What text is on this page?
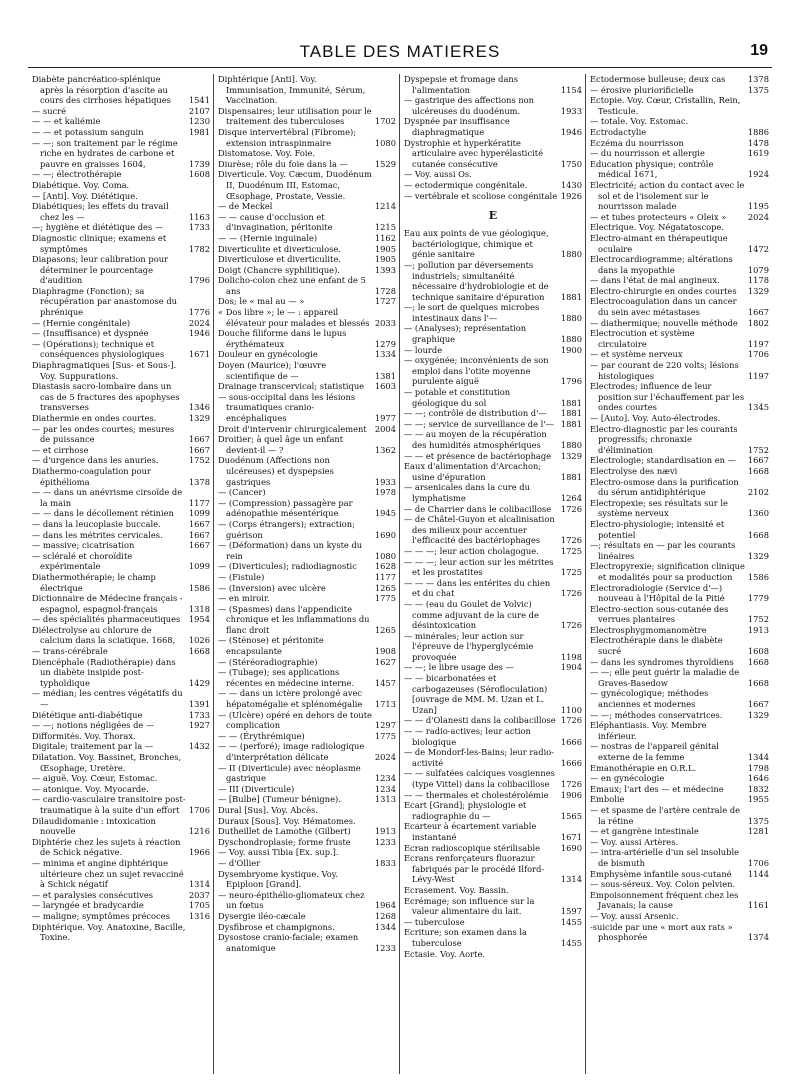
TABLE DES MATIERES	19
Diabète pancréatico-splénique après la résorption d'ascite au cours des cirrhoses hépatiques	1541
— sucré	2107
— — et kaliémie	1230
— — et potassium sanguin	1981
— —; son traitement par le régime riche en hydrates de carbone et pauvre en graisses 1604,	1739
— —; électrothérapie	1608
Diabétique. Voy. Coma.
— [Anti]. Voy. Diététique.
Diabétiques; les effets du travail chez les —	1163
—; hygiène et diététique des —	1733
Diagnostic clinique; examens et symptômes	1782
Diapasons; leur calibration pour déterminer le pourcentage d'audition	1796
Diaphragme (Fonction); sa récupération par anastomose du phrénique	1776
— (Hernie congénitale)	2024
— (Insuffisance) et dyspnée	1946
— (Opérations); technique et conséquences physiologiques	1671
Diaphragmatiques [Sus- et Sous-]. Voy. Suppurations.
Diastasis sacro-lombaire dans un cas de 5 fractures des apophyses transverses	1346
Diathermie en ondes courtes.	1329
— par les ondes courtes; mesures de puissance	1667
— et cirrhose	1667
— d'urgence dans les anuries.	1752
Diathermo-coagulation pour épithélioma	1378
— — dans un anévrisme cirsoïde de la main	1177
— — dans le décollement rétinien	1099
— dans la leucoplasie buccale.	1667
— dans les métrites cervicales.	1667
— massive; cicatrisation	1667
— scléralé et choroïdite expérimentale	1099
Diathermothérapie; le champ électrique	1586
Dictionnaire de Médecine français - espagnol, espagnol-français	1318
— des spécialités pharmaceutiques	1954
Diélectrolyse au chlorure de calcium dans la sciatique. 1668,	1026
— trans-cérébrale	1668
Diencéphale (Radiothérapie) dans un diabète insipide post-typhoïdique	1429
— médian; les centres végétatifs du —	1391
Diététique anti-diabétique	1733
— —; notions négligées de —	1927
Difformités. Voy. Thorax.
Digitale; traitement par la —	1432
Dilatation. Voy. Bassinet, Bronches, Œsophage, Uretère.
— aiguë. Voy. Cœur, Estomac.
— atonique. Voy. Myocarde.
— cardio-vasculaire transitoire post-traumatique à la suite d'un effort	1706
Dilaudidomanie : intoxication nouvelle	1216
Diphtérie chez les sujets à réaction de Schick négative.	1966
— minima et angine diphtérique ultérieure chez un sujet revacciné à Schick négatif	1314
— et paralysies consécutives	2037
— laryngée et bradycardie	1705
— maligne; symptômes précoces	1316
Diphtérique. Voy. Anatoxine, Bacille, Toxine.
Diphtérique [Anti]. Voy. Immunisation, Immunité, Sérum, Vaccination.
Dispensaires; leur utilisation pour le traitement des tuberculoses	1702
Disque intervertébral (Fibrome); extension intraspinmaire	1080
Distomatose. Voy. Foie.
Diurèse; rôle du foie dans la —	1529
Diverticule. Voy. Cæcum, Duodénum II, Duodénum III, Estomac, Œsophage, Prostate, Vessie.
— de Meckel	1214
— — cause d'occlusion et d'invagination, péritonite	1215
— — (Hernie inguinale)	1162
Diverticulite et diverticulose.	1905
Diverticulose et diverticulite.	1905
Doigt (Chancre syphilitique).	1393
Dolicho-colon chez une enfant de 5 ans	1728
Dos; le « mal au — »	1727
« Dos libre »; le — : appareil élévateur pour malades et blessés 2033
Douche filiforme dans le lupus érythémateux	1279
Douleur en gynécologie	1334
Doyen (Maurice); l'œuvre scientifique de —	1381
Drainage transcervical; statistique	1603
— sous-occipital dans les lésions traumatiques cranio-encéphaliques	1977
Droit d'intervenir chirurgicalement 2004
Droitier; à quel âge un enfant devient-il — ?	1362
Duodénum (Affections non ulcéreuses) et dyspepsies gastriques	1933
— (Cancer)	1978
— (Compression) passagère par adénopathie mésentérique	1945
— (Corps étrangers); extraction; guérison	1690
— (Déformation) dans un kyste du rein	1080
— (Diverticules); radiodiagnostic	1628
— (Fistule)	1177
— (Inversion) avec ulcère	1265
— en miroir.	1775
— (Spasmes) dans l'appendicite chronique et les inflammations du flanc droit	1265
— (Sténose) et péritonite encapsulante	1908
— (Stéréoradiographie)	1627
— (Tubage); ses applications récentes en médecine interne.	1457
— — dans un ictère prolongé avec hépatomégalie et splénomégalie	1713
— (Ulcère) opéré en dehors de toute complication	1297
— — (Érythrémique)	1775
— — (perforé); image radiologique d'interprétation délicate	2024
— II (Diverticule) avec néoplasme gastrique	1234
— III (Diverticule)	1234
— [Bulbe] (Tumeur bénigne).	1313
Dural [Sus]. Voy. Abcès.
Duraux [Sous]. Voy. Hématomes.
Dutheillet de Lamothe (Gilbert)	1913
Dyschondroplasie; forme fruste	1233
— Voy. aussi Tibia [Ex. sup.].
— d'Ollier	1833
Dysembryome kystique. Voy. Epiploon [Grand].
— neuro-épithélio-gliomateux chez un fœtus	1964
Dysergie iléo-cæcale	1268
Dysfibrose et champignons.	1344
Dysostose cranio-faciale; examen anatomique	1233
Dyspepsie et fromage dans l'alimentation	1154
— gastrique des affections non ulcéreuses du duodénum.	1933
Dyspnée par insuffisance diaphragmatique	1946
Dystrophie et hyperkératite articulaire avec hyperélasticité cutanée consécutive	1750
— Voy. aussi Os.
— ectodermique congénitale.	1430
— vertébrale et scoliose congénitale 1926
E
Eau aux points de vue géologique, bactériologique, chimique et génie sanitaire	1880
—; pollution par déversements industriels; simultanéité nécessaire d'hydrobiologie et de technique sanitaire d'épuration	1881
—; le sort de quelques microbes intestinaux dans l'—	1880
— (Analyses); représentation graphique	1880
— lourde	1900
— oxygénée; inconvénients de son emploi dans l'otite moyenne purulente aiguë	1796
— potable et constitution géologique du sol	1881
— —; contrôle de distribution d'—	1881
— —; service de surveillance de l'— 1881
— — au moyen de la récupération des humidités atmosphériques	1880
— — et présence de bactériophage	1329
Eaux d'alimentation d'Arcachon; usine d'épuration	1881
— arsenicales dans la cure du lymphatisme	1264
— de Charrier dans le colibacillose	1726
— de Châtel-Guyon et alcalinisation des milieux pour accentuer l'efficacité des bactériophages	1726
— — —; leur action cholagogue.	1725
— — —; leur action sur les métrites et les prostatites	1725
— — — dans les entérites du chien et du chat	1726
— — (eau du Goulet de Volvic) comme adjuvant de la cure de désintoxication	1726
— minérales; leur action sur l'épreuve de l'hyperglycémie provoquée	1198
— —; le libre usage des —	1904
— — bicarbonatées et carbogazeuses (Sérofloculation) [ouvrage de MM. M. Uzan et L. Uzan]	1100
— — d'Olanesti dans la colibacillose 1726
— — radio-actives; leur action biologique	1666
— de Mondorf-les-Bains; leur radio-activité	1666
— — sulfatées calciques vosgiennes (type Vittel) dans la colibacillose	1726
— — thermales et cholestérolémie	1906
Ecart [Grand]; physiologie et radiographie du —	1565
Ecarteur à écartement variable instantané	1671
Ecran radioscopique stérilisable	1690
Ecrans renforçateurs fluorazur fabriqués par le procédé Ilford-Lévy-West	1314
Ecrasement. Voy. Bassin.
Ecrémage; son influence sur la valeur alimentaire du lait.	1597
— tuberculose	1455
Ecriture; son examen dans la tuberculose	1455
Ectasie. Voy. Aorte.
Ectodermose bulleuse; deux cas	1378
— érosive pluriorificielle	1375
Ectopie. Voy. Cœur, Cristallin, Rein, Testicule.
— totale. Voy. Estomac.
Ectrodactylie	1886
Eczéma du nourrisson	1478
— du nourrisson et allergie	1619
Education physique; contrôle médical 1671,	1924
Electricité; action du contact avec le sol et de l'isolement sur le nourrisson malade	1195
— et tubes protecteurs « Oleix »	2024
Electrique. Voy. Négatatoscope.
Electro-aimant en thérapeutique oculaire	1472
Electrocardiogramme; altérations dans la myopathie	1079
— dans l'état de mal angineux.	1178
Electro-chirurgie en ondes courtes	1329
Electrocoagulation dans un cancer du sein avec métastases	1667
— diathermique; nouvelle méthode	1802
Electrocution et système circulatoire	1197
— et système nerveux	1706
— par courant de 220 volts; lésions histologiques	1197
Electrodes; influence de leur position sur l'échauffement par les ondes courtes	1345
— [Auto]. Voy. Auto-électrodes.
Electro-diagnostic par les courants progressifs; chronaxie d'élimination	1752
Electrologie; standardisation en —	1667
Electrolyse des nævi	1668
Electro-osmose dans la purification du sérum antidiphtérique	2102
Electropexie; ses résultats sur le système nerveux	1360
Electro-physiologie; intensité et potentiel	1668
—; résultats en — par les courants linéaires	1329
Electropyrexie; signification clinique et modalités pour sa production	1586
Electroradiologie (Service d'—) nouveau à l'Hôpital de la Pitié	1779
Electro-section sous-cutanée des verrues plantaires	1752
Electrosphygmomanomètre	1913
Electrothérapie dans le diabète sucré	1608
— dans les syndromes thyroïdiens	1668
— —; elle peut guérir la maladie de Graves-Basedow	1668
— gynécologique; méthodes anciennes et modernes	1667
— —; méthodes conservatrices.	1329
Eléphantiasis. Voy. Membre inférieur.
— nostras de l'appareil génital externe de la femme	1344
Emanothérapie en O.R.L.	1798
— en gynécologie	1646
Emaux; l'art des — et médecine	1832
Embolie	1955
— et spasme de l'artère centrale de la rétine	1375
— et gangrène intestinale	1281
— Voy. aussi Artères.
— intra-artérielle d'un sel insoluble de bismuth	1706
Emphysème infantile sous-cutané	1144
— sous-séreux. Voy. Colon pelvien.
Empoisonnement fréquent chez les Javanais; la cause	1161
— Voy. aussi Arsenic.
-suicide par une « mort aux rats » phosphorée	1374
